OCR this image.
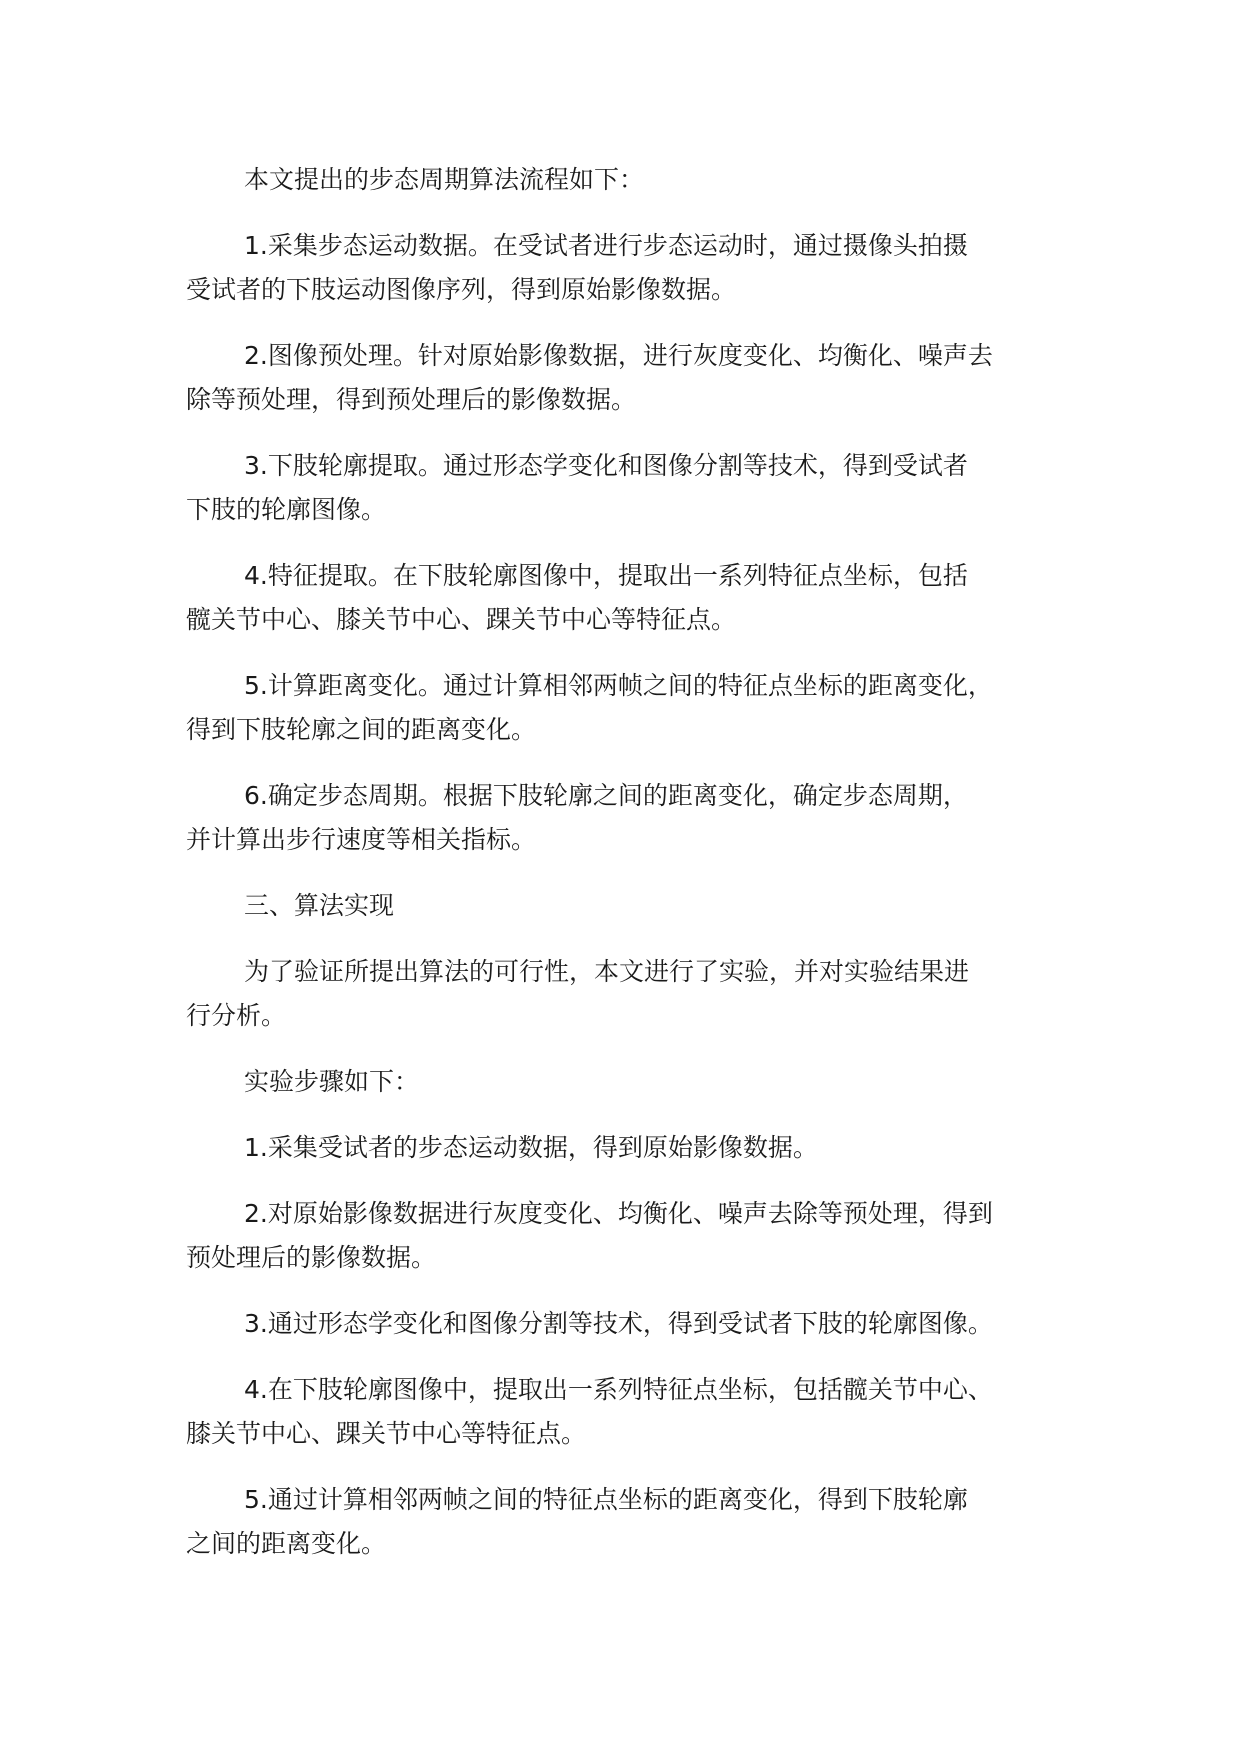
本文提出的步态周期算法流程如下：
1.采集步态运动数据。在受试者进行步态运动时，通过摄像头拍摄
受试者的下肢运动图像序列，得到原始影像数据。
2.图像预处理。针对原始影像数据，进行灰度变化、均衡化、噪声去
除等预处理，得到预处理后的影像数据。
3.下肢轮廓提取。通过形态学变化和图像分割等技术，得到受试者
下肢的轮廓图像。
4.特征提取。在下肢轮廓图像中，提取出一系列特征点坐标，包括
髋关节中心、膝关节中心、踝关节中心等特征点。
5.计算距离变化。通过计算相邻两帧之间的特征点坐标的距离变化，
得到下肢轮廓之间的距离变化。
6.确定步态周期。根据下肢轮廓之间的距离变化，确定步态周期，
并计算出步行速度等相关指标。
三、算法实现
为了验证所提出算法的可行性，本文进行了实验，并对实验结果进
行分析。
实验步骤如下：
1.采集受试者的步态运动数据，得到原始影像数据。
2.对原始影像数据进行灰度变化、均衡化、噪声去除等预处理，得到
预处理后的影像数据。
3.通过形态学变化和图像分割等技术，得到受试者下肢的轮廓图像。
4.在下肢轮廓图像中，提取出一系列特征点坐标，包括髋关节中心、
膝关节中心、踝关节中心等特征点。
5.通过计算相邻两帧之间的特征点坐标的距离变化，得到下肢轮廓
之间的距离变化。
